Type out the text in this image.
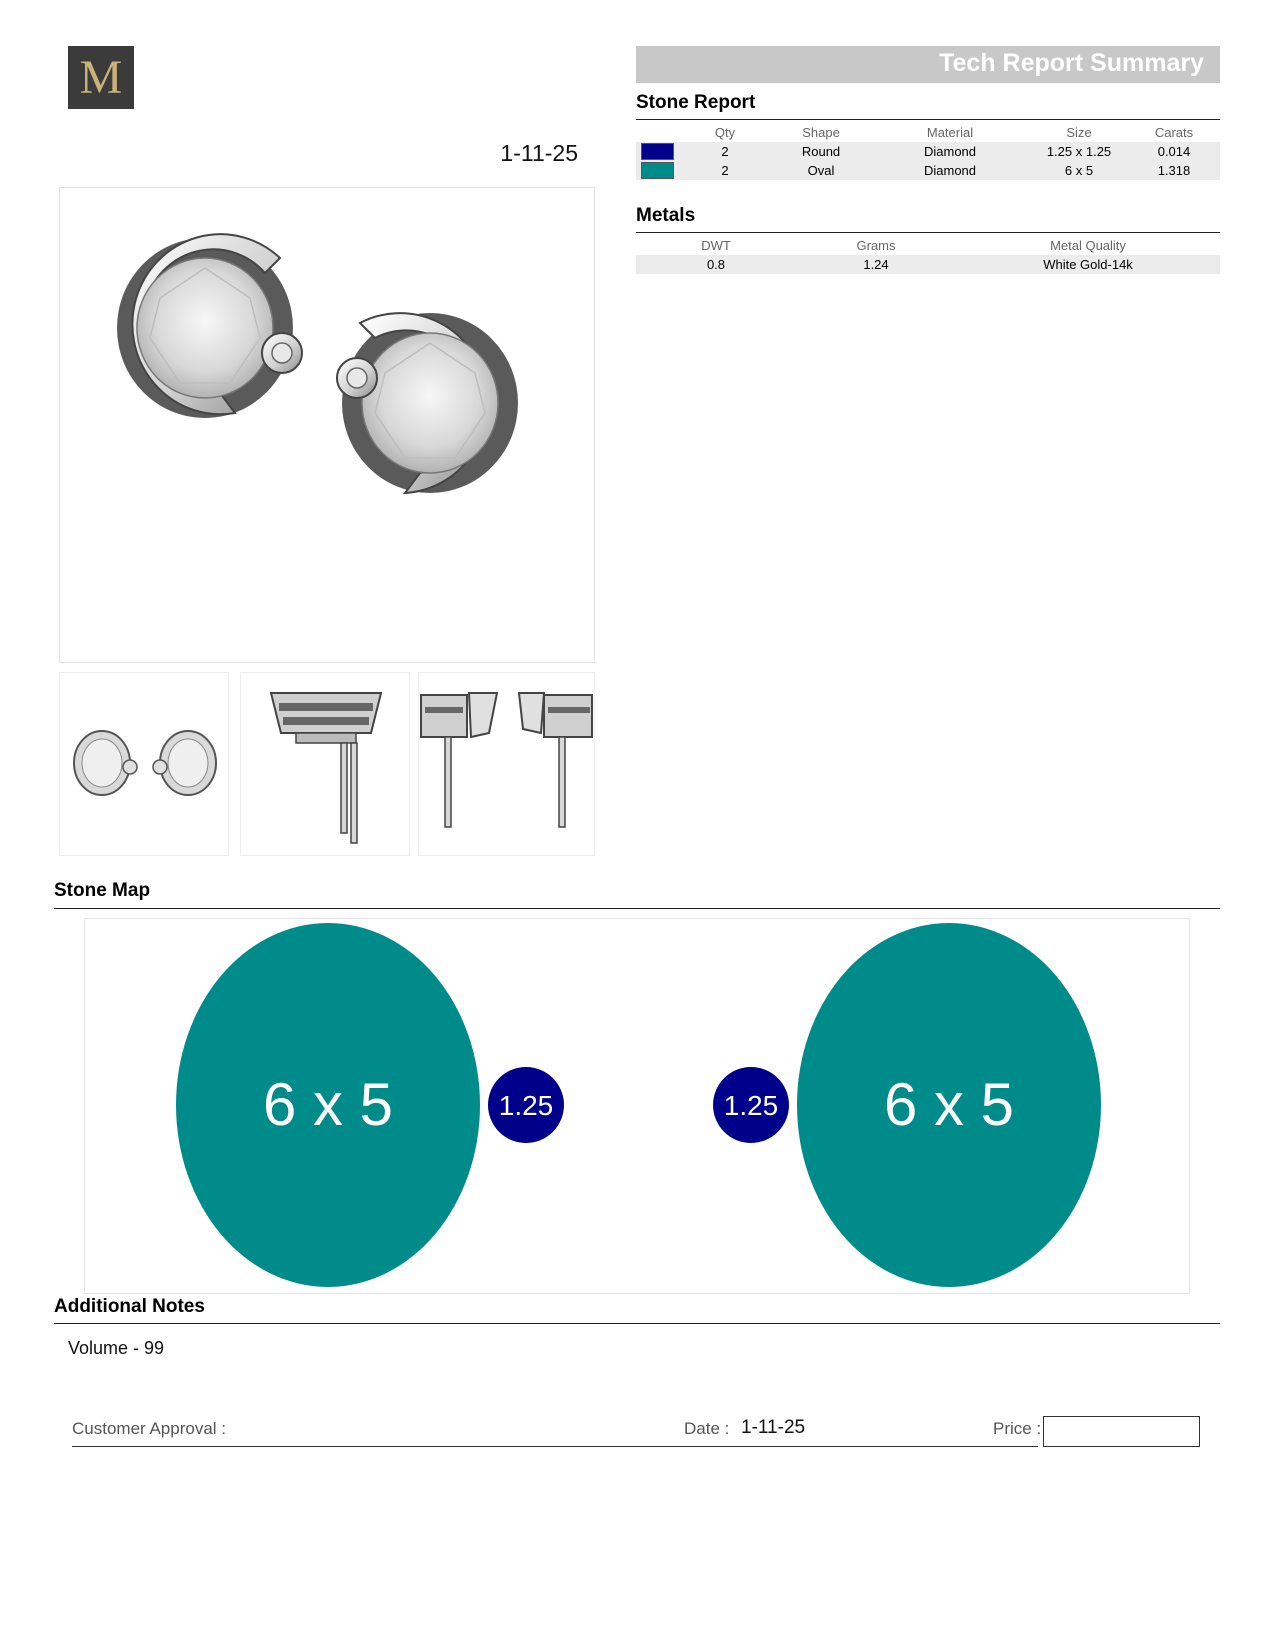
M
1-11-25
Tech Report Summary
Stone Report
	Qty	Shape	Material	Size	Carats
	2	Round	Diamond	1.25 x 1.25	0.014
	2	Oval	Diamond	6 x 5	1.318
Metals
DWT	Grams	Metal Quality
0.8	1.24	White Gold-14k
Stone Map
6 x 5	1.25	1.25 6 x 5
Additional Notes
Volume - 99
Customer Approval :	Date : 1-11-25	Price :
